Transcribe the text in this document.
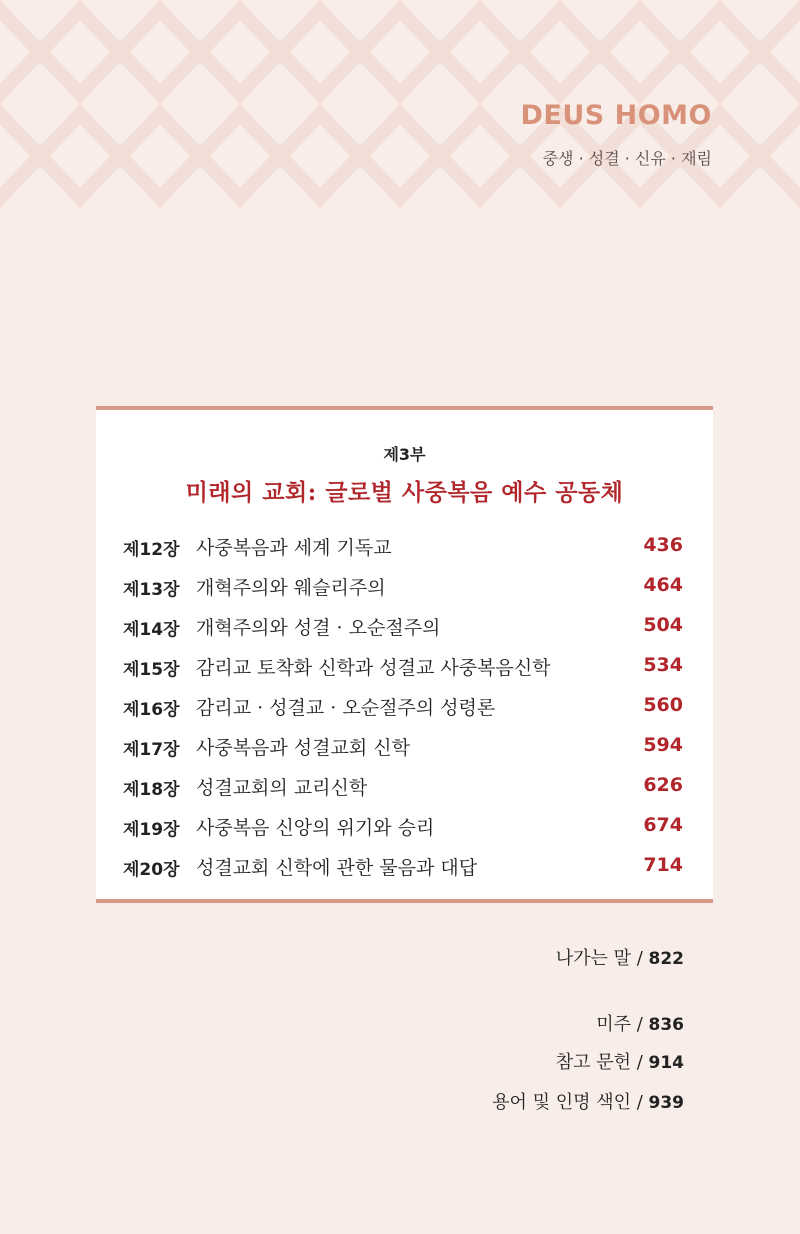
DEUS HOMO
중생 · 성결 · 신유 · 재림
제3부
미래의 교회: 글로벌 사중복음 예수 공동체
제12장 사중복음과 세계 기독교	436
제13장 개혁주의와 웨슬리주의	464
제14장 개혁주의와 성결 · 오순절주의	504
제15장 감리교 토착화 신학과 성결교 사중복음신학	534
제16장 감리교 · 성결교 · 오순절주의 성령론	560
제17장 사중복음과 성결교회 신학	594
제18장 성결교회의 교리신학	626
제19장 사중복음 신앙의 위기와 승리	674
제20장 성결교회 신학에 관한 물음과 대답	714
나가는 말 / 822
미주 / 836
참고 문헌 / 914
용어 및 인명 색인 / 939
